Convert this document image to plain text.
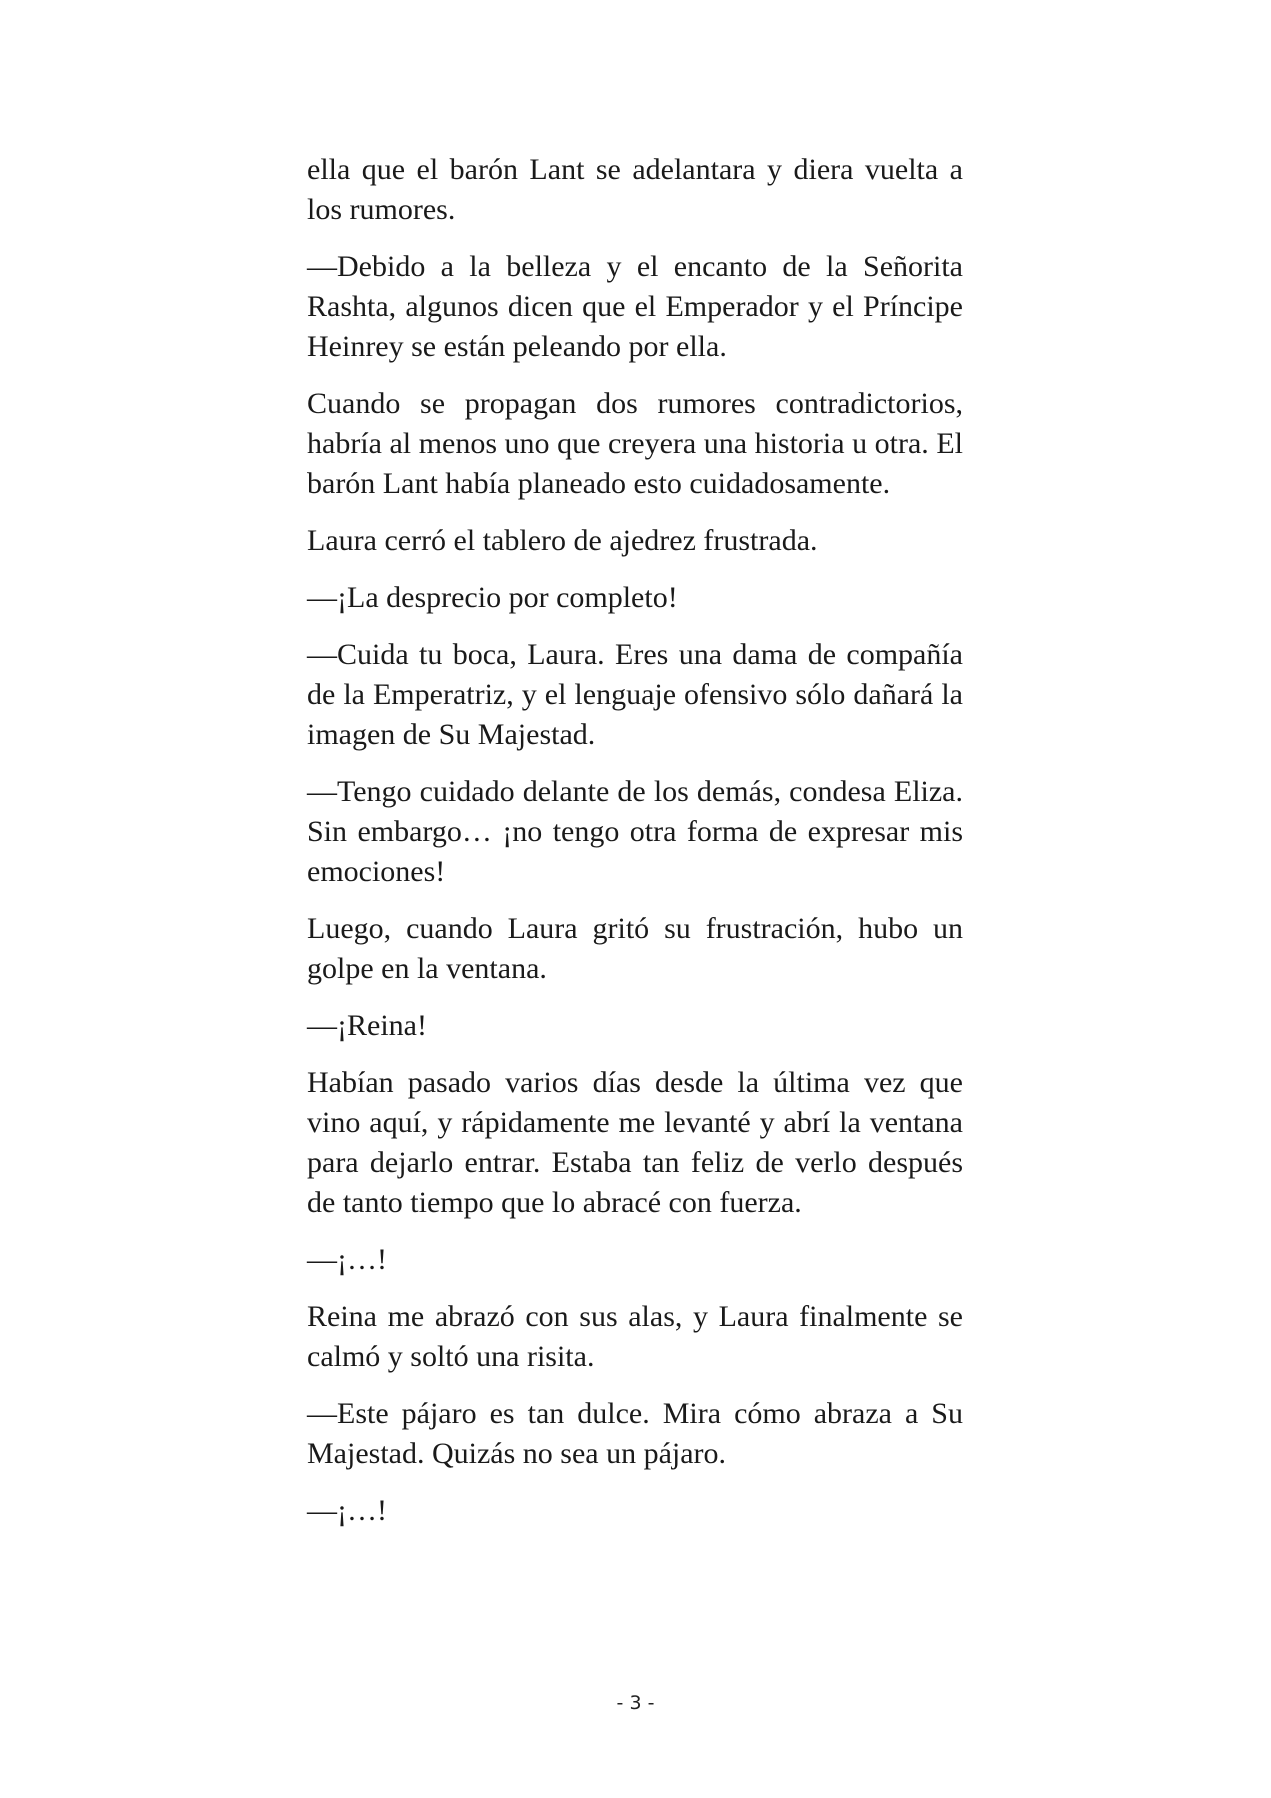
ella que el barón Lant se adelantara y diera vuelta a los rumores.

—Debido a la belleza y el encanto de la Señorita Rashta, algunos dicen que el Emperador y el Príncipe Heinrey se están peleando por ella.

Cuando se propagan dos rumores contradictorios, habría al menos uno que creyera una historia u otra. El barón Lant había planeado esto cuidadosamente.

Laura cerró el tablero de ajedrez frustrada.

—¡La desprecio por completo!

—Cuida tu boca, Laura. Eres una dama de compañía de la Emperatriz, y el lenguaje ofensivo sólo dañará la imagen de Su Majestad.

—Tengo cuidado delante de los demás, condesa Eliza. Sin embargo… ¡no tengo otra forma de expresar mis emociones!

Luego, cuando Laura gritó su frustración, hubo un golpe en la ventana.

—¡Reina!

Habían pasado varios días desde la última vez que vino aquí, y rápidamente me levanté y abrí la ventana para dejarlo entrar. Estaba tan feliz de verlo después de tanto tiempo que lo abracé con fuerza.

—¡…!

Reina me abrazó con sus alas, y Laura finalmente se calmó y soltó una risita.

—Este pájaro es tan dulce. Mira cómo abraza a Su Majestad. Quizás no sea un pájaro.

—¡…!

- 3 -
